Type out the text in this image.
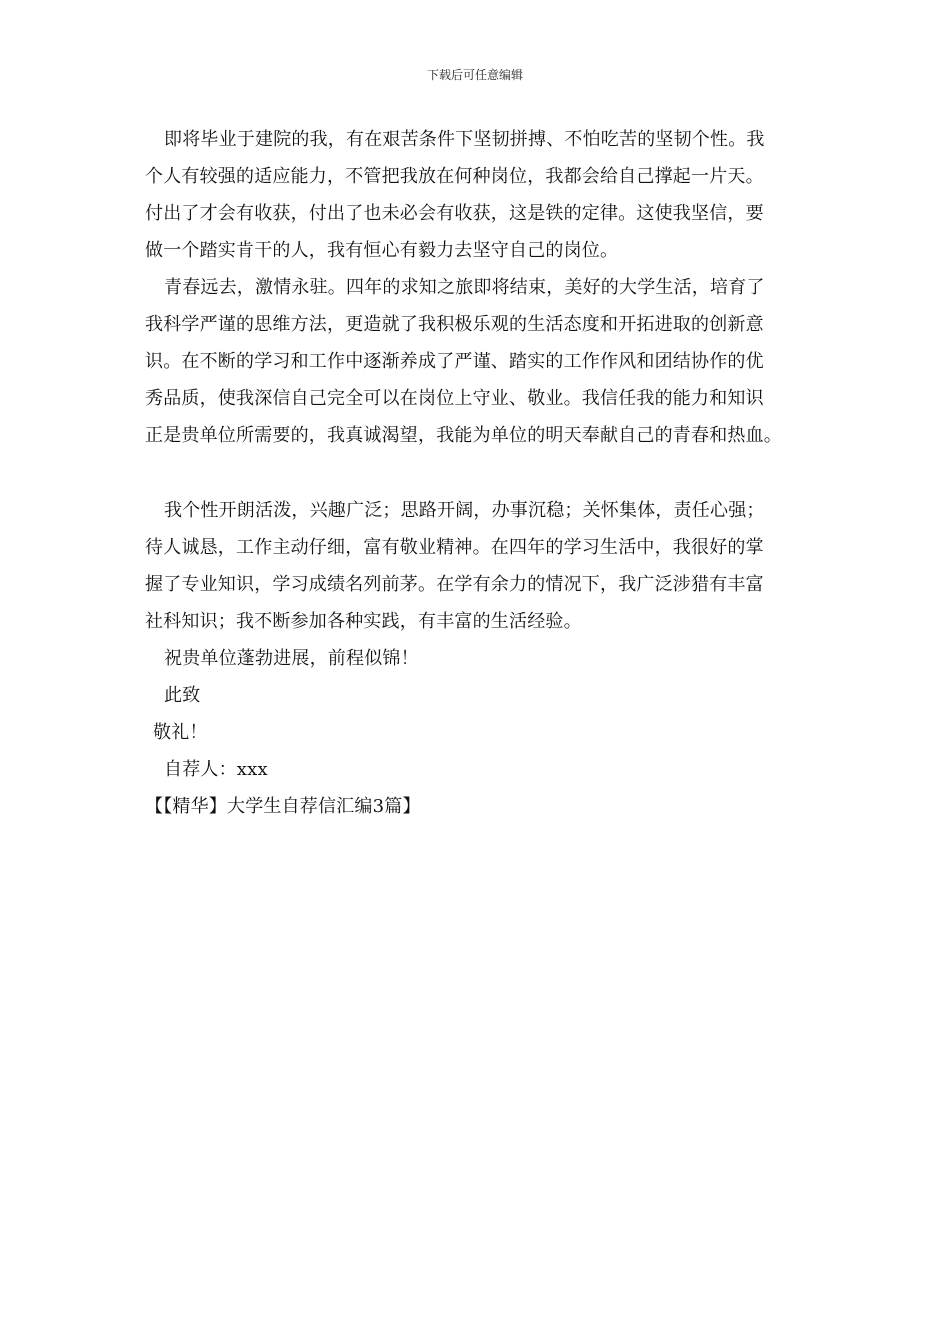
下载后可任意编辑
即将毕业于建院的我，有在艰苦条件下坚韧拼搏、不怕吃苦的坚韧个性。我
个人有较强的适应能力，不管把我放在何种岗位，我都会给自己撑起一片天。
付出了才会有收获，付出了也未必会有收获，这是铁的定律。这使我坚信，要
做一个踏实肯干的人，我有恒心有毅力去坚守自己的岗位。
青春远去，激情永驻。四年的求知之旅即将结束，美好的大学生活，培育了
我科学严谨的思维方法，更造就了我积极乐观的生活态度和开拓进取的创新意
识。在不断的学习和工作中逐渐养成了严谨、踏实的工作作风和团结协作的优
秀品质，使我深信自己完全可以在岗位上守业、敬业。我信任我的能力和知识
正是贵单位所需要的，我真诚渴望，我能为单位的明天奉献自己的青春和热血。
我个性开朗活泼，兴趣广泛；思路开阔，办事沉稳；关怀集体，责任心强；
待人诚恳，工作主动仔细，富有敬业精神。在四年的学习生活中，我很好的掌
握了专业知识，学习成绩名列前茅。在学有余力的情况下，我广泛涉猎有丰富
社科知识；我不断参加各种实践，有丰富的生活经验。
祝贵单位蓬勃进展，前程似锦！
此致
敬礼！
自荐人：xxx
【【精华】大学生自荐信汇编3篇】
